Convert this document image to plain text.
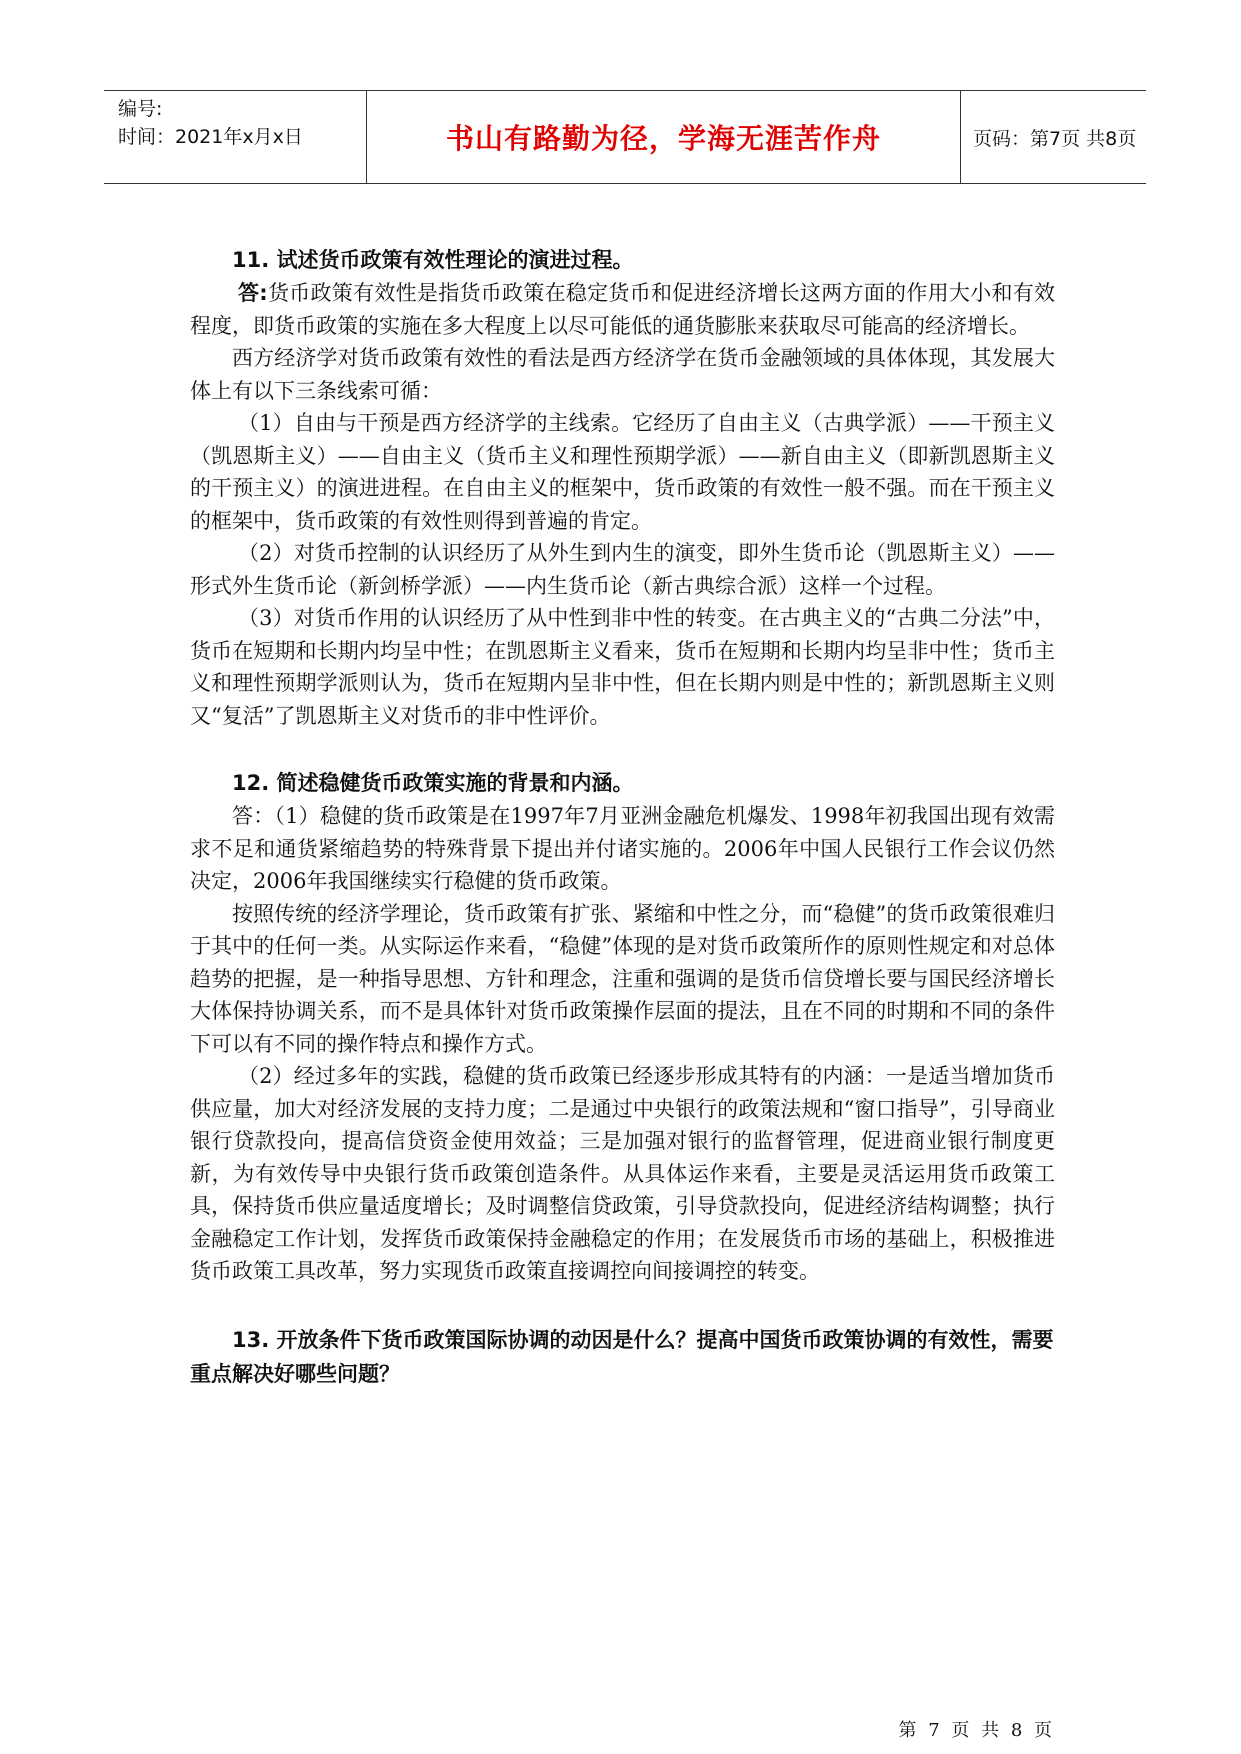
编号:
时间：2021年x月x日	书山有路勤为径，学海无涯苦作舟	页码：第7页 共8页

11. 试述货币政策有效性理论的演进过程。

答:货币政策有效性是指货币政策在稳定货币和促进经济增长这两方面的作用大小和有效程度，即货币政策的实施在多大程度上以尽可能低的通货膨胀来获取尽可能高的经济增长。

西方经济学对货币政策有效性的看法是西方经济学在货币金融领域的具体体现，其发展大体上有以下三条线索可循：

（1）自由与干预是西方经济学的主线索。它经历了自由主义（古典学派）——干预主义（凯恩斯主义）——自由主义（货币主义和理性预期学派）——新自由主义（即新凯恩斯主义的干预主义）的演进进程。在自由主义的框架中，货币政策的有效性一般不强。而在干预主义的框架中，货币政策的有效性则得到普遍的肯定。

（2）对货币控制的认识经历了从外生到内生的演变，即外生货币论（凯恩斯主义）——形式外生货币论（新剑桥学派）——内生货币论（新古典综合派）这样一个过程。

（3）对货币作用的认识经历了从中性到非中性的转变。在古典主义的“古典二分法”中，货币在短期和长期内均呈中性；在凯恩斯主义看来，货币在短期和长期内均呈非中性；货币主义和理性预期学派则认为，货币在短期内呈非中性，但在长期内则是中性的；新凯恩斯主义则又“复活”了凯恩斯主义对货币的非中性评价。

12. 简述稳健货币政策实施的背景和内涵。

答：（1）稳健的货币政策是在1997年7月亚洲金融危机爆发、1998年初我国出现有效需求不足和通货紧缩趋势的特殊背景下提出并付诸实施的。2006年中国人民银行工作会议仍然决定，2006年我国继续实行稳健的货币政策。

按照传统的经济学理论，货币政策有扩张、紧缩和中性之分，而“稳健”的货币政策很难归于其中的任何一类。从实际运作来看，“稳健”体现的是对货币政策所作的原则性规定和对总体趋势的把握，是一种指导思想、方针和理念，注重和强调的是货币信贷增长要与国民经济增长大体保持协调关系，而不是具体针对货币政策操作层面的提法，且在不同的时期和不同的条件下可以有不同的操作特点和操作方式。

（2）经过多年的实践，稳健的货币政策已经逐步形成其特有的内涵：一是适当增加货币供应量，加大对经济发展的支持力度；二是通过中央银行的政策法规和“窗口指导”，引导商业银行贷款投向，提高信贷资金使用效益；三是加强对银行的监督管理，促进商业银行制度更新，为有效传导中央银行货币政策创造条件。从具体运作来看，主要是灵活运用货币政策工具，保持货币供应量适度增长；及时调整信贷政策，引导贷款投向，促进经济结构调整；执行金融稳定工作计划，发挥货币政策保持金融稳定的作用；在发展货币市场的基础上，积极推进货币政策工具改革，努力实现货币政策直接调控向间接调控的转变。

13. 开放条件下货币政策国际协调的动因是什么？提高中国货币政策协调的有效性，需要重点解决好哪些问题？

第 7 页 共 8 页
